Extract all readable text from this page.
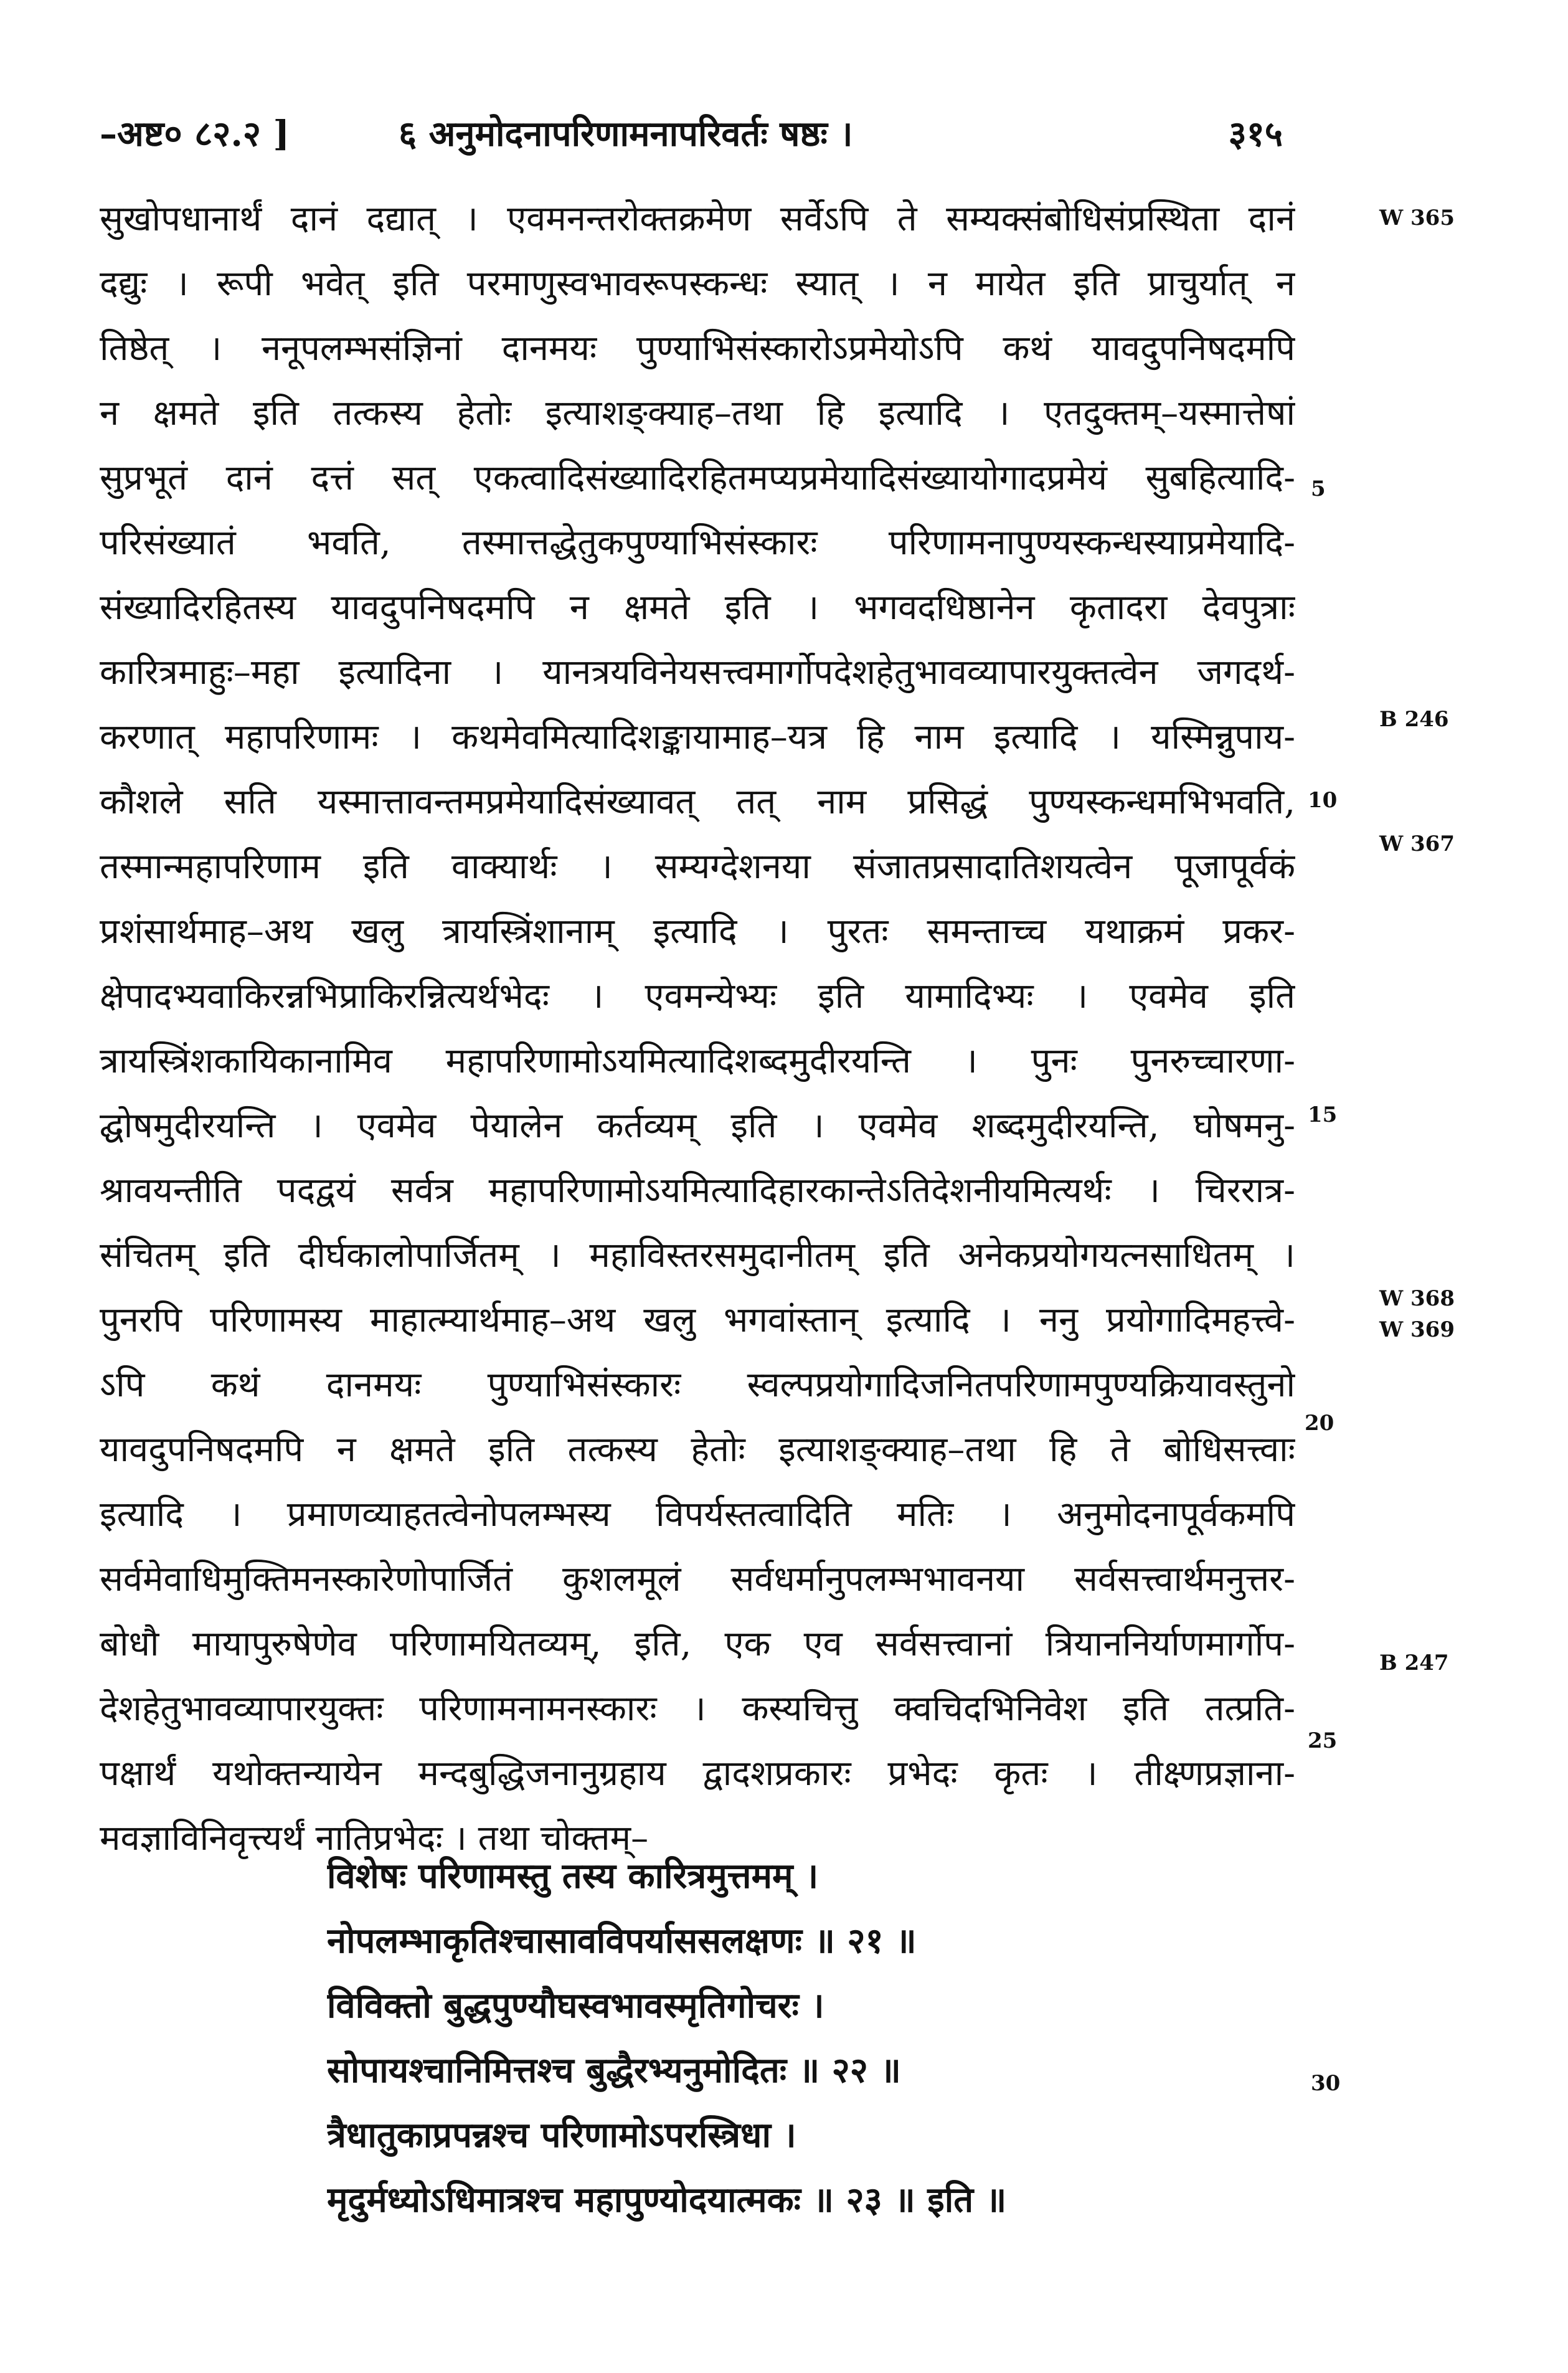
–अष्ट० ८२.२ ]	६ अनुमोदनापरिणामनापरिवर्तः षष्ठः ।	३१५
सुखोपधानार्थं दानं दद्यात् । एवमनन्तरोक्तक्रमेण सर्वेऽपि ते सम्यक्संबोधिसंप्रस्थिता दानं
दद्युः । रूपी भवेत् इति परमाणुस्वभावरूपस्कन्धः स्यात् । न मायेत इति प्राचुर्यात् न
तिष्ठेत् । ननूपलम्भसंज्ञिनां दानमयः पुण्याभिसंस्कारोऽप्रमेयोऽपि कथं यावदुपनिषदमपि
न क्षमते इति तत्कस्य हेतोः इत्याशङ्क्याह–तथा हि इत्यादि । एतदुक्तम्–यस्मात्तेषां
सुप्रभूतं दानं दत्तं सत् एकत्वादिसंख्यादिरहितमप्यप्रमेयादिसंख्यायोगादप्रमेयं सुबहित्यादि-
परिसंख्यातं भवति, तस्मात्तद्धेतुकपुण्याभिसंस्कारः परिणामनापुण्यस्कन्धस्याप्रमेयादि-
संख्यादिरहितस्य यावदुपनिषदमपि न क्षमते इति । भगवदधिष्ठानेन कृतादरा देवपुत्राः
कारित्रमाहुः–महा इत्यादिना । यानत्रयविनेयसत्त्वमार्गोपदेशहेतुभावव्यापारयुक्तत्वेन जगदर्थ-
करणात् महापरिणामः । कथमेवमित्यादिशङ्कायामाह–यत्र हि नाम इत्यादि । यस्मिन्नुपाय-
कौशले सति यस्मात्तावन्तमप्रमेयादिसंख्यावत् तत् नाम प्रसिद्धं पुण्यस्कन्धमभिभवति,
तस्मान्महापरिणाम इति वाक्यार्थः । सम्यग्देशनया संजातप्रसादातिशयत्वेन पूजापूर्वकं
प्रशंसार्थमाह–अथ खलु त्रायस्त्रिंशानाम् इत्यादि । पुरतः समन्ताच्च यथाक्रमं प्रकर-
क्षेपादभ्यवाकिरन्नभिप्राकिरन्नित्यर्थभेदः । एवमन्येभ्यः इति यामादिभ्यः । एवमेव इति
त्रायस्त्रिंशकायिकानामिव महापरिणामोऽयमित्यादिशब्दमुदीरयन्ति । पुनः पुनरुच्चारणा-
द्घोषमुदीरयन्ति । एवमेव पेयालेन कर्तव्यम् इति । एवमेव शब्दमुदीरयन्ति, घोषमनु-
श्रावयन्तीति पदद्वयं सर्वत्र महापरिणामोऽयमित्यादिहारकान्तेऽतिदेशनीयमित्यर्थः । चिररात्र-
संचितम् इति दीर्घकालोपार्जितम् । महाविस्तरसमुदानीतम् इति अनेकप्रयोगयत्नसाधितम् ।
पुनरपि परिणामस्य माहात्म्यार्थमाह–अथ खलु भगवांस्तान् इत्यादि । ननु प्रयोगादिमहत्त्वे-
ऽपि कथं दानमयः पुण्याभिसंस्कारः स्वल्पप्रयोगादिजनितपरिणामपुण्यक्रियावस्तुनो
यावदुपनिषदमपि न क्षमते इति तत्कस्य हेतोः इत्याशङ्क्याह–तथा हि ते बोधिसत्त्वाः
इत्यादि । प्रमाणव्याहतत्वेनोपलम्भस्य विपर्यस्तत्वादिति मतिः । अनुमोदनापूर्वकमपि
सर्वमेवाधिमुक्तिमनस्कारेणोपार्जितं कुशलमूलं सर्वधर्मानुपलम्भभावनया सर्वसत्त्वार्थमनुत्तर-
बोधौ मायापुरुषेणेव परिणामयितव्यम्, इति, एक एव सर्वसत्त्वानां त्रियाननिर्याणमार्गोप-
देशहेतुभावव्यापारयुक्तः परिणामनामनस्कारः । कस्यचित्तु क्वचिदभिनिवेश इति तत्प्रति-
पक्षार्थं यथोक्तन्यायेन मन्दबुद्धिजनानुग्रहाय द्वादशप्रकारः प्रभेदः कृतः । तीक्ष्णप्रज्ञाना-
मवज्ञाविनिवृत्त्यर्थं नातिप्रभेदः । तथा चोक्तम्–
विशेषः परिणामस्तु तस्य कारित्रमुत्तमम् ।
नोपलम्भाकृतिश्चासावविपर्याससलक्षणः ॥ २१ ॥
विविक्तो बुद्धपुण्यौघस्वभावस्मृतिगोचरः ।
सोपायश्चानिमित्तश्च बुद्धैरभ्यनुमोदितः ॥ २२ ॥
त्रैधातुकाप्रपन्नश्च परिणामोऽपरस्त्रिधा ।
मृदुर्मध्योऽधिमात्रश्च महापुण्योदयात्मकः ॥ २३ ॥ इति ॥
W 365
B 246
W 367
W 368
W 369
B 247
5
10
15
20
25
30
